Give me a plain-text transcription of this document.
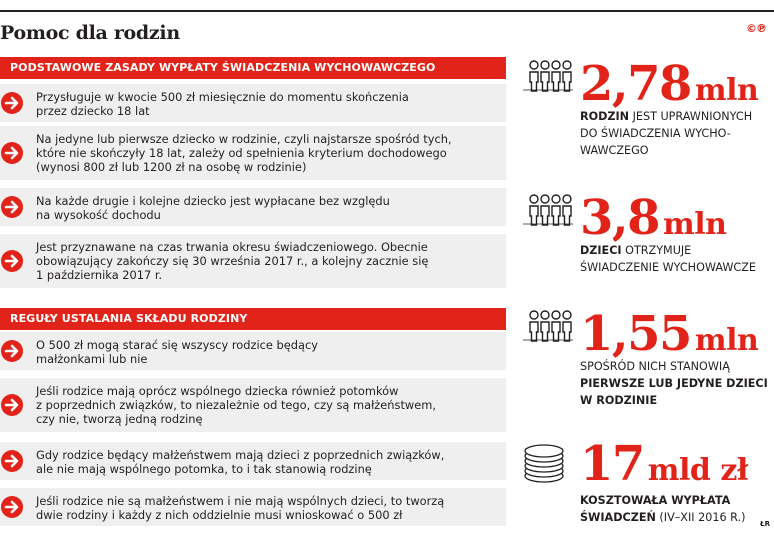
Pomoc dla rodzin	©℗
PODSTAWOWE ZASADY WYPŁATY ŚWIADCZENIA WYCHOWAWCZEGO
REGUŁY USTALANIA SKŁADU RODZINY
Przysługuje w kwocie 500 zł miesięcznie do momentu skończenia
przez dziecko 18 lat
Na jedyne lub pierwsze dziecko w rodzinie, czyli najstarsze spośród tych,
które nie skończyły 18 lat, zależy od spełnienia kryterium dochodowego
(wynosi 800 zł lub 1200 zł na osobę w rodzinie)
Na każde drugie i kolejne dziecko jest wypłacane bez względu
na wysokość dochodu
Jest przyznawane na czas trwania okresu świadczeniowego. Obecnie
obowiązujący zakończy się 30 września 2017 r., a kolejny zacznie się
1 października 2017 r.
O 500 zł mogą starać się wszyscy rodzice będący
małżonkami lub nie
Jeśli rodzice mają oprócz wspólnego dziecka również potomków
z poprzednich związków, to niezależnie od tego, czy są małżeństwem,
czy nie, tworzą jedną rodzinę
Gdy rodzice będący małżeństwem mają dzieci z poprzednich związków,
ale nie mają wspólnego potomka, to i tak stanowią rodzinę
Jeśli rodzice nie są małżeństwem i nie mają wspólnych dzieci, to tworzą
dwie rodziny i każdy z nich oddzielnie musi wnioskować o 500 zł
2,78 mln
RODZIN JEST UPRAWNIONYCH
DO ŚWIADCZENIA WYCHO-
WAWCZEGO
3,8 mln
DZIECI OTRZYMUJE
ŚWIADCZENIE WYCHOWAWCZE
1,55 mln
SPOŚRÓD NICH STANOWIĄ
PIERWSZE LUB JEDYNE DZIECI
W RODZINIE
17 mld zł
KOSZTOWAŁA WYPŁATA
ŚWIADCZEŃ (IV–XII 2016 R.) ŁR
